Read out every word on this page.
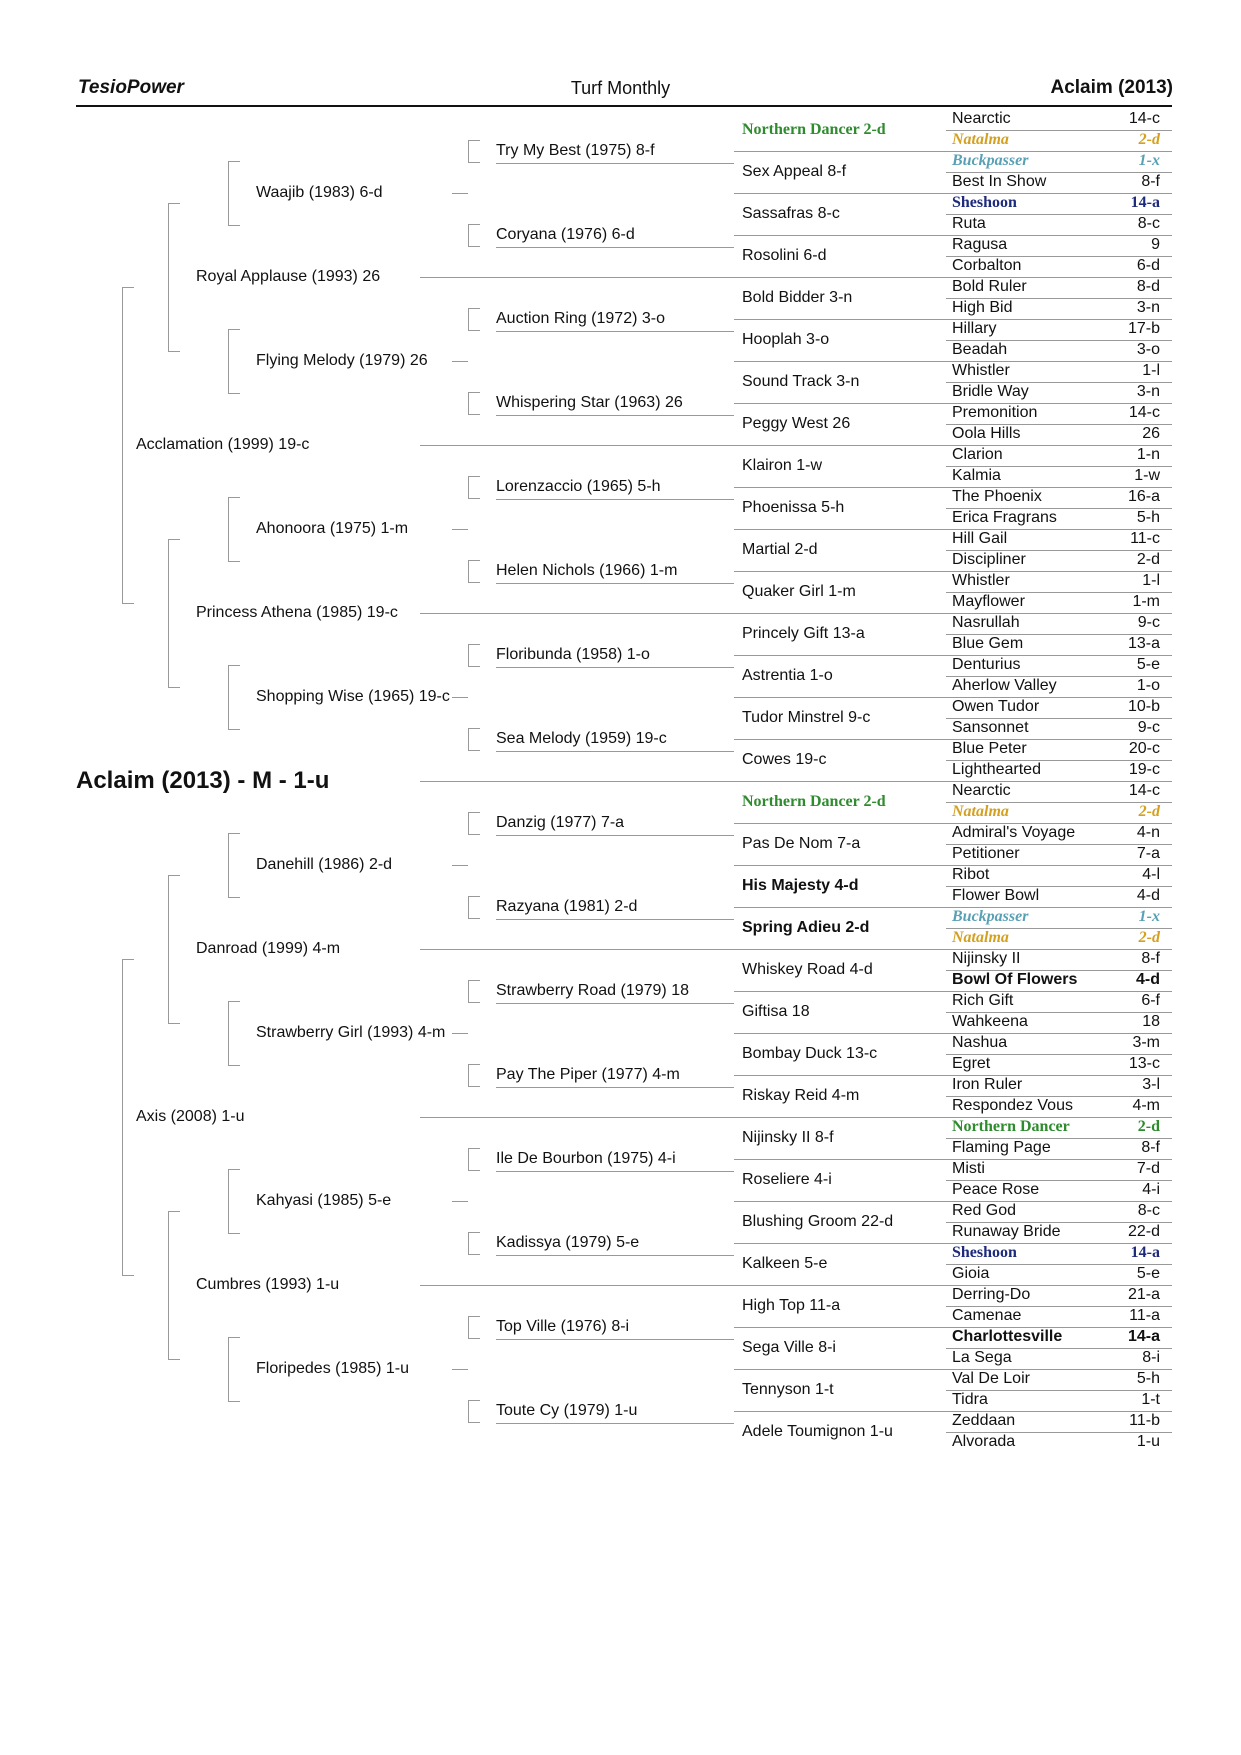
TesioPower	Turf Monthly	Aclaim (2013)
Aclaim (2013) - M - 1-u
Acclamation (1999) 19-c
Axis (2008) 1-u
Royal Applause (1993) 26
Princess Athena (1985) 19-c
Danroad (1999) 4-m
Cumbres (1993) 1-u
Waajib (1983) 6-d
Flying Melody (1979) 26
Ahonoora (1975) 1-m
Shopping Wise (1965) 19-c
Danehill (1986) 2-d
Strawberry Girl (1993) 4-m
Kahyasi (1985) 5-e
Floripedes (1985) 1-u
Try My Best (1975) 8-f
Coryana (1976) 6-d
Auction Ring (1972) 3-o
Whispering Star (1963) 26
Lorenzaccio (1965) 5-h
Helen Nichols (1966) 1-m
Floribunda (1958) 1-o
Sea Melody (1959) 19-c
Danzig (1977) 7-a
Razyana (1981) 2-d
Strawberry Road (1979) 18
Pay The Piper (1977) 4-m
Ile De Bourbon (1975) 4-i
Kadissya (1979) 5-e
Top Ville (1976) 8-i
Toute Cy (1979) 1-u
Northern Dancer 2-d
Sex Appeal 8-f
Sassafras 8-c
Rosolini 6-d
Bold Bidder 3-n
Hooplah 3-o
Sound Track 3-n
Peggy West 26
Klairon 1-w
Phoenissa 5-h
Martial 2-d
Quaker Girl 1-m
Princely Gift 13-a
Astrentia 1-o
Tudor Minstrel 9-c
Cowes 19-c
Northern Dancer 2-d
Pas De Nom 7-a
His Majesty 4-d
Spring Adieu 2-d
Whiskey Road 4-d
Giftisa 18
Bombay Duck 13-c
Riskay Reid 4-m
Nijinsky II 8-f
Roseliere 4-i
Blushing Groom 22-d
Kalkeen 5-e
High Top 11-a
Sega Ville 8-i
Tennyson 1-t
Adele Toumignon 1-u
Nearctic	14-c
Natalma	2-d
Buckpasser	1-x
Best In Show	8-f
Sheshoon	14-a
Ruta	8-c
Ragusa	9
Corbalton	6-d
Bold Ruler	8-d
High Bid	3-n
Hillary	17-b
Beadah	3-o
Whistler	1-l
Bridle Way	3-n
Premonition	14-c
Oola Hills	26
Clarion	1-n
Kalmia	1-w
The Phoenix	16-a
Erica Fragrans	5-h
Hill Gail	11-c
Discipliner	2-d
Whistler	1-l
Mayflower	1-m
Nasrullah	9-c
Blue Gem	13-a
Denturius	5-e
Aherlow Valley	1-o
Owen Tudor	10-b
Sansonnet	9-c
Blue Peter	20-c
Lighthearted	19-c
Nearctic	14-c
Natalma	2-d
Admiral's Voyage	4-n
Petitioner	7-a
Ribot	4-l
Flower Bowl	4-d
Buckpasser	1-x
Natalma	2-d
Nijinsky II	8-f
Bowl Of Flowers	4-d
Rich Gift	6-f
Wahkeena	18
Nashua	3-m
Egret	13-c
Iron Ruler	3-l
Respondez Vous	4-m
Northern Dancer	2-d
Flaming Page	8-f
Misti	7-d
Peace Rose	4-i
Red God	8-c
Runaway Bride	22-d
Sheshoon	14-a
Gioia	5-e
Derring-Do	21-a
Camenae	11-a
Charlottesville	14-a
La Sega	8-i
Val De Loir	5-h
Tidra	1-t
Zeddaan	11-b
Alvorada	1-u
